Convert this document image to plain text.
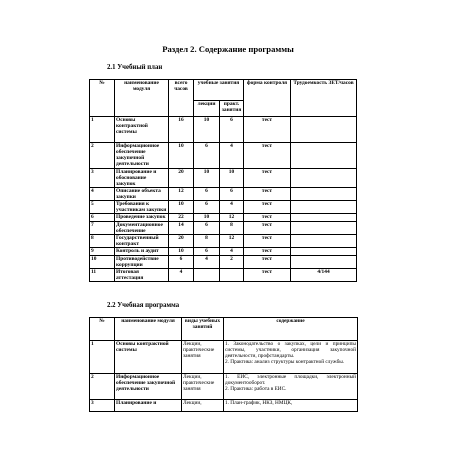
Раздел 2. Содержание программы
2.1 Учебный план
№	наименование модуля	всего часов	учебные занятия		форма контроля	Трудоемкость ЗЕТ/часов
			лекции	практ. занятия		
1	Основы контрактной системы	16	10	6	тест	
2	Информационное обеспечение закупочной деятельности	10	6	4	тест	
3	Планирование и обоснование закупок	20	10	10	тест	
4	Описание объекта закупки	12	6	6	тест	
5	Требования к участникам закупки	10	6	4	тест	
6	Проведение закупок	22	10	12	тест	
7	Документационное обеспечение	14	6	8	тест	
8	Государственный контракт	20	8	12	тест	
9	Контроль и аудит	10	6	4	тест	
10	Противодействие коррупции	6	4	2	тест	
11	Итоговая аттестация	4			тест	4/144
2.2 Учебная программа
№	наименование модуля	виды учебных занятий	содержание
1	Основы контрактной системы	Лекции, практические занятия	1. Законодательство о закупках, цели и принципы системы, участники, организация закупочной деятельности, профстандарты.
2. Практика: анализ структуры контрактной службы.

2	Информационное обеспечение закупочной деятельности	Лекции, практические занятия	1. ЕИС, электронные площадки, электронный документооборот.
2. Практика: работа в ЕИС.

3	Планирование и	Лекции,	1. План-график, НКЗ, НМЦК,
